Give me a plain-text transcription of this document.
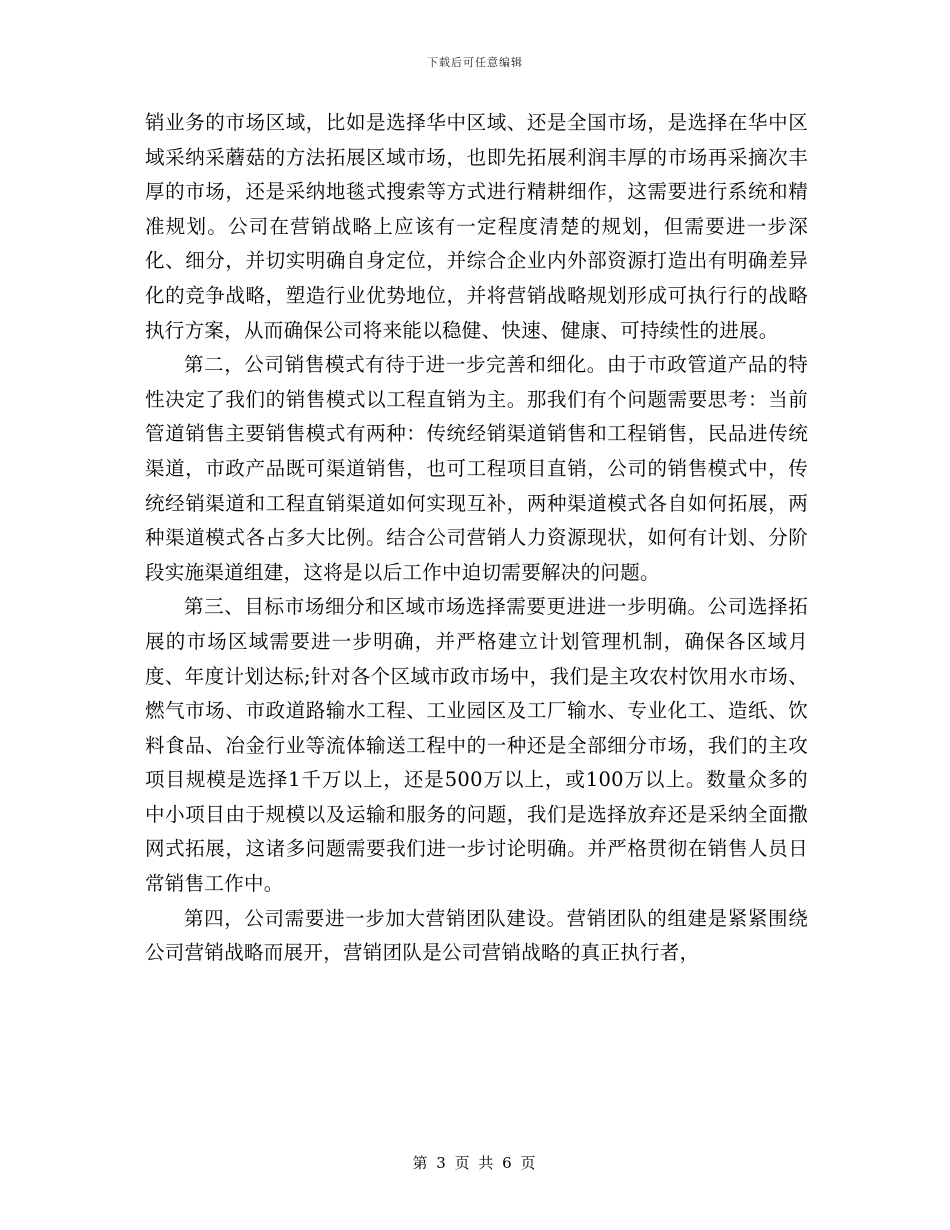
下载后可任意编辑

销业务的市场区域，比如是选择华中区域、还是全国市场，是选择在华中区域采纳采蘑菇的方法拓展区域市场，也即先拓展利润丰厚的市场再采摘次丰厚的市场，还是采纳地毯式搜索等方式进行精耕细作，这需要进行系统和精准规划。公司在营销战略上应该有一定程度清楚的规划，但需要进一步深化、细分，并切实明确自身定位，并综合企业内外部资源打造出有明确差异化的竞争战略，塑造行业优势地位，并将营销战略规划形成可执行行的战略执行方案，从而确保公司将来能以稳健、快速、健康、可持续性的进展。

第二，公司销售模式有待于进一步完善和细化。由于市政管道产品的特性决定了我们的销售模式以工程直销为主。那我们有个问题需要思考：当前管道销售主要销售模式有两种：传统经销渠道销售和工程销售，民品进传统渠道，市政产品既可渠道销售，也可工程项目直销，公司的销售模式中，传统经销渠道和工程直销渠道如何实现互补，两种渠道模式各自如何拓展，两种渠道模式各占多大比例。结合公司营销人力资源现状，如何有计划、分阶段实施渠道组建，这将是以后工作中迫切需要解决的问题。

第三、目标市场细分和区域市场选择需要更进进一步明确。公司选择拓展的市场区域需要进一步明确，并严格建立计划管理机制，确保各区域月度、年度计划达标;针对各个区域市政市场中，我们是主攻农村饮用水市场、燃气市场、市政道路输水工程、工业园区及工厂输水、专业化工、造纸、饮料食品、冶金行业等流体输送工程中的一种还是全部细分市场，我们的主攻项目规模是选择1千万以上，还是500万以上，或100万以上。数量众多的中小项目由于规模以及运输和服务的问题，我们是选择放弃还是采纳全面撒网式拓展，这诸多问题需要我们进一步讨论明确。并严格贯彻在销售人员日常销售工作中。

第四，公司需要进一步加大营销团队建设。营销团队的组建是紧紧围绕公司营销战略而展开，营销团队是公司营销战略的真正执行者，

第 3 页 共 6 页
